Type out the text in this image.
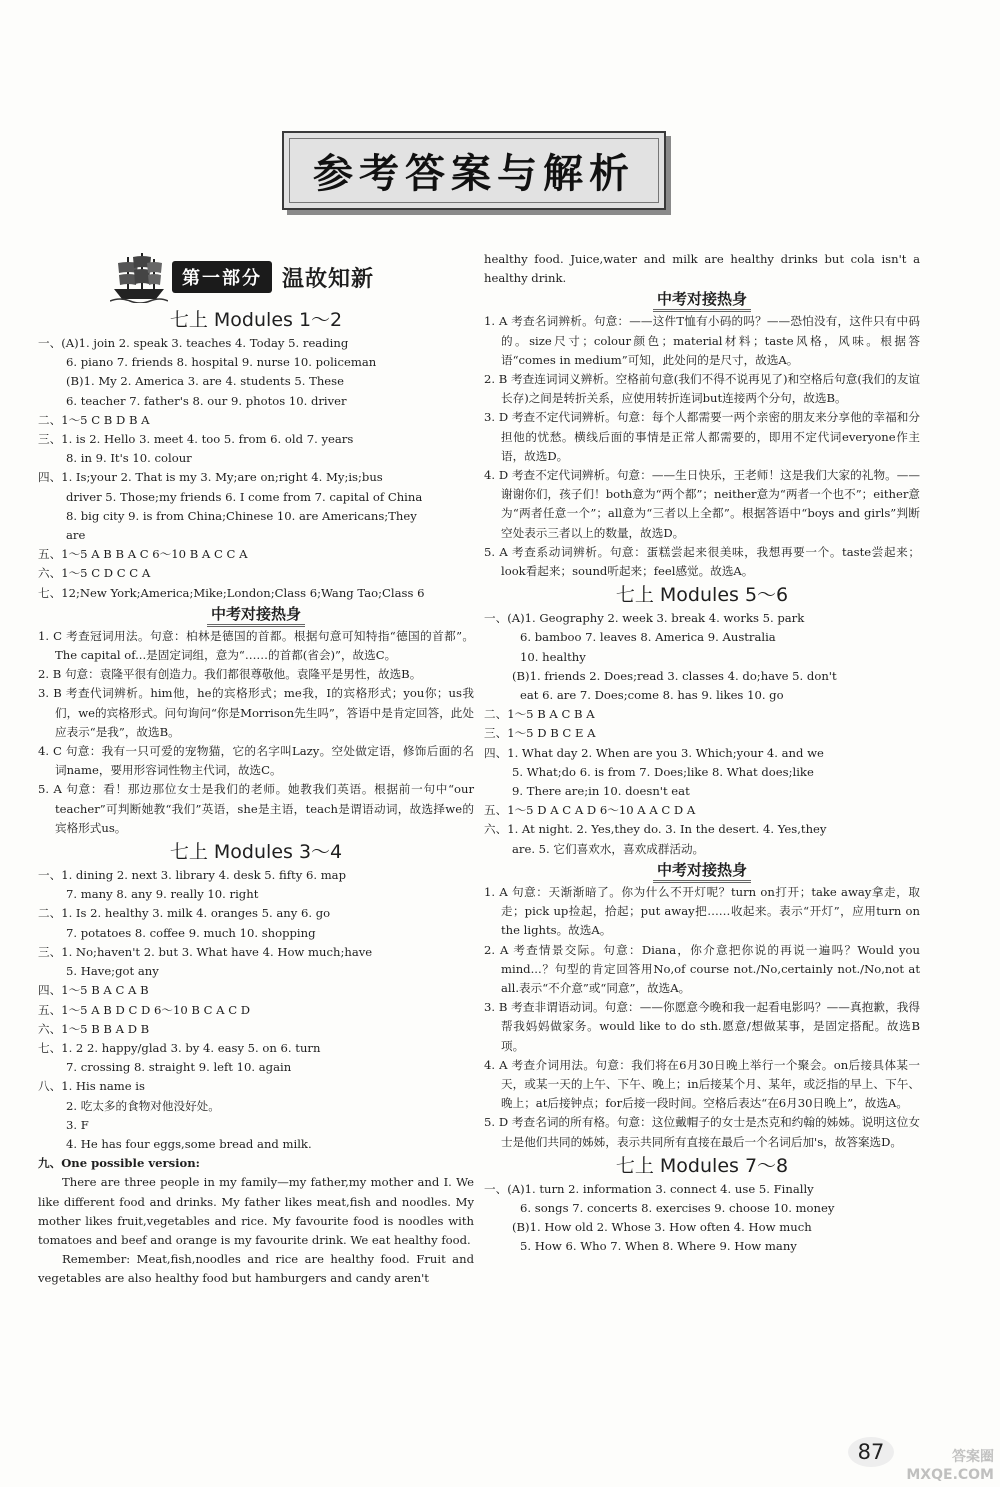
参考答案与解析
第一部分 温故知新
七上 Modules 1～2
一、(A)1. join 2. speak 3. teaches 4. Today 5. reading
6. piano 7. friends 8. hospital 9. nurse 10. policeman
(B)1. My 2. America 3. are 4. students 5. These
6. teacher 7. father's 8. our 9. photos 10. driver
二、1～5 C B D B A
三、1. is 2. Hello 3. meet 4. too 5. from 6. old 7. years
8. in 9. It's 10. colour
四、1. Is;your 2. That is my 3. My;are on;right 4. My;is;bus
driver 5. Those;my friends 6. I come from 7. capital of China
8. big city 9. is from China;Chinese 10. are Americans;They
are
五、1～5 A B B A C 6～10 B A C C A
六、1～5 C D C C A
七、12;New York;America;Mike;London;Class 6;Wang Tao;Class 6
中考对接热身
1. C 考查冠词用法。句意：柏林是德国的首都。根据句意可知特指“德国的首都”。The capital of...是固定词组，意为“……的首都(省会)”，故选C。
2. B 句意：袁隆平很有创造力。我们都很尊敬他。袁隆平是男性，故选B。
3. B 考查代词辨析。him他，he的宾格形式；me我，I的宾格形式；you你；us我们，we的宾格形式。问句询问“你是Morrison先生吗”，答语中是肯定回答，此处应表示“是我”，故选B。
4. C 句意：我有一只可爱的宠物猫，它的名字叫Lazy。空处做定语，修饰后面的名词name，要用形容词性物主代词，故选C。
5. A 句意：看！那边那位女士是我们的老师。她教我们英语。根据前一句中“our teacher”可判断她教“我们”英语，she是主语，teach是谓语动词，故选择we的宾格形式us。
七上 Modules 3～4
一、1. dining 2. next 3. library 4. desk 5. fifty 6. map
7. many 8. any 9. really 10. right
二、1. Is 2. healthy 3. milk 4. oranges 5. any 6. go
7. potatoes 8. coffee 9. much 10. shopping
三、1. No;haven't 2. but 3. What have 4. How much;have
5. Have;got any
四、1～5 B A C A B
五、1～5 A B D C D 6～10 B C A C D
六、1～5 B B A D B
七、1. 2 2. happy/glad 3. by 4. easy 5. on 6. turn
7. crossing 8. straight 9. left 10. again
八、1. His name is
2. 吃太多的食物对他没好处。
3. F
4. He has four eggs,some bread and milk.
九、One possible version:
There are three people in my family—my father,my mother and I. We like different food and drinks. My father likes meat,fish and noodles. My mother likes fruit,vegetables and rice. My favourite food is noodles with tomatoes and beef and orange is my favourite drink. We eat healthy food.
Remember: Meat,fish,noodles and rice are healthy food. Fruit and vegetables are also healthy food but hamburgers and candy aren't
healthy food. Juice,water and milk are healthy drinks but cola isn't a healthy drink.
中考对接热身
1. A 考查名词辨析。句意：——这件T恤有小码的吗？——恐怕没有，这件只有中码的。size尺寸；colour颜色；material材料；taste风格，风味。根据答语“comes in medium”可知，此处问的是尺寸，故选A。
2. B 考查连词词义辨析。空格前句意(我们不得不说再见了)和空格后句意(我们的友谊长存)之间是转折关系，应使用转折连词but连接两个分句，故选B。
3. D 考查不定代词辨析。句意：每个人都需要一两个亲密的朋友来分享他的幸福和分担他的忧愁。横线后面的事情是正常人都需要的，即用不定代词everyone作主语，故选D。
4. D 考查不定代词辨析。句意：——生日快乐，王老师！这是我们大家的礼物。——谢谢你们，孩子们！both意为“两个都”；neither意为“两者一个也不”；either意为“两者任意一个”；all意为“三者以上全都”。根据答语中“boys and girls”判断空处表示三者以上的数量，故选D。
5. A 考查系动词辨析。句意：蛋糕尝起来很美味，我想再要一个。taste尝起来；look看起来；sound听起来；feel感觉。故选A。
七上 Modules 5～6
一、(A)1. Geography 2. week 3. break 4. works 5. park
6. bamboo 7. leaves 8. America 9. Australia
10. healthy
(B)1. friends 2. Does;read 3. classes 4. do;have 5. don't
eat 6. are 7. Does;come 8. has 9. likes 10. go
二、1～5 B A C B A
三、1～5 D B C E A
四、1. What day 2. When are you 3. Which;your 4. and we
5. What;do 6. is from 7. Does;like 8. What does;like
9. There are;in 10. doesn't eat
五、1～5 D A C A D 6～10 A A C D A
六、1. At night. 2. Yes,they do. 3. In the desert. 4. Yes,they
are. 5. 它们喜欢水，喜欢成群活动。
中考对接热身
1. A 句意：天渐渐暗了。你为什么不开灯呢？turn on打开；take away拿走，取走；pick up捡起，拾起；put away把……收起来。表示“开灯”，应用turn on the lights。故选A。
2. A 考查情景交际。句意：Diana，你介意把你说的再说一遍吗？Would you mind...？句型的肯定回答用No,of course not./No,certainly not./No,not at all.表示“不介意”或“同意”，故选A。
3. B 考查非谓语动词。句意：——你愿意今晚和我一起看电影吗？——真抱歉，我得帮我妈妈做家务。would like to do sth.愿意/想做某事，是固定搭配。故选B项。
4. A 考查介词用法。句意：我们将在6月30日晚上举行一个聚会。on后接具体某一天，或某一天的上午、下午、晚上；in后接某个月、某年，或泛指的早上、下午、晚上；at后接钟点；for后接一段时间。空格后表达“在6月30日晚上”，故选A。
5. D 考查名词的所有格。句意：这位戴帽子的女士是杰克和约翰的姊姊。说明这位女士是他们共同的姊姊，表示共同所有直接在最后一个名词后加's，故答案选D。
七上 Modules 7～8
一、(A)1. turn 2. information 3. connect 4. use 5. Finally
6. songs 7. concerts 8. exercises 9. choose 10. money
(B)1. How old 2. Whose 3. How often 4. How much
5. How 6. Who 7. When 8. Where 9. How many
87	答案圈
MXQE.COM
